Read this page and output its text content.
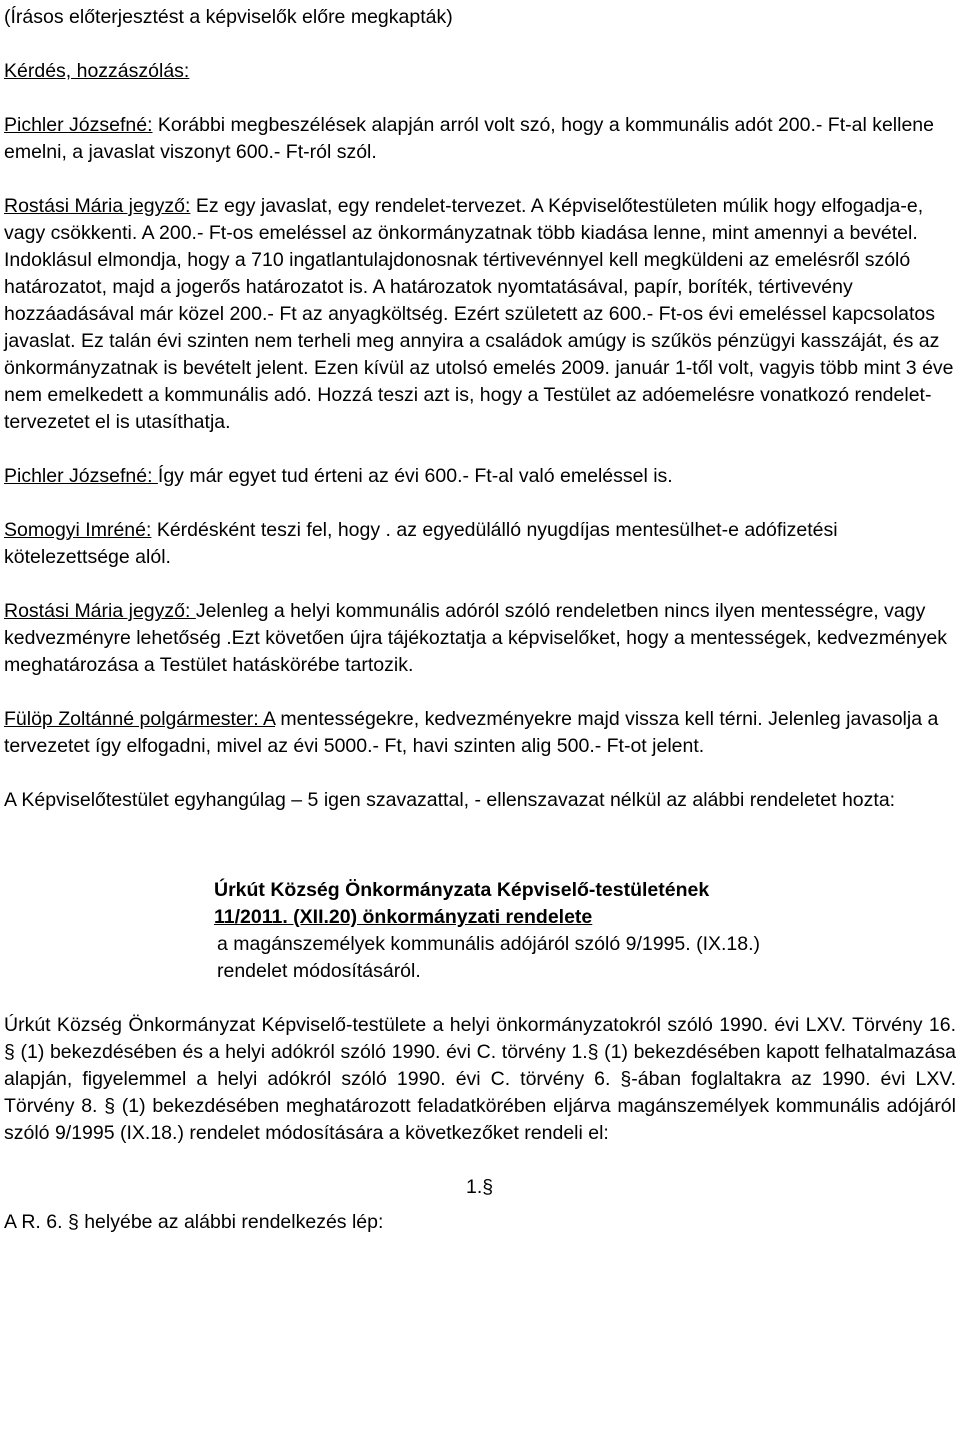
(Írásos előterjesztést a képviselők előre megkapták)

Kérdés, hozzászólás:

Pichler Józsefné: Korábbi megbeszélések alapján arról volt szó, hogy a kommunális adót 200.- Ft-al kellene emelni, a javaslat viszonyt 600.- Ft-ról szól.

Rostási Mária jegyző: Ez egy javaslat, egy rendelet-tervezet. A Képviselőtestületen múlik hogy elfogadja-e, vagy csökkenti. A 200.- Ft-os emeléssel az önkormányzatnak több kiadása lenne, mint amennyi a bevétel. Indoklásul elmondja, hogy a 710 ingatlantulajdonosnak tértivevénnyel kell megküldeni az emelésről szóló határozatot, majd a jogerős határozatot is. A határozatok nyomtatásával, papír, boríték, tértivevény hozzáadásával már közel 200.- Ft az anyagköltség. Ezért született az 600.- Ft-os évi emeléssel kapcsolatos javaslat. Ez talán évi szinten nem terheli meg annyira a családok amúgy is szűkös pénzügyi kasszáját, és az önkormányzatnak is bevételt jelent. Ezen kívül az utolsó emelés 2009. január 1-től volt, vagyis több mint 3 éve nem emelkedett a kommunális adó. Hozzá teszi azt is, hogy a Testület az adóemelésre vonatkozó rendelet-tervezetet el is utasíthatja.

Pichler Józsefné: Így már egyet tud érteni az évi 600.- Ft-al való emeléssel is.

Somogyi Imréné: Kérdésként teszi fel, hogy . az egyedülálló nyugdíjas mentesülhet-e adófizetési kötelezettsége alól.

Rostási Mária jegyző: Jelenleg a helyi kommunális adóról szóló rendeletben nincs ilyen mentességre, vagy kedvezményre lehetőség .Ezt követően újra tájékoztatja a képviselőket, hogy a mentességek, kedvezmények meghatározása a Testület hatáskörébe tartozik.

Fülöp Zoltánné polgármester: A mentességekre, kedvezményekre majd vissza kell térni. Jelenleg javasolja a tervezetet így elfogadni, mivel az évi 5000.- Ft, havi szinten alig 500.- Ft-ot jelent.

A Képviselőtestület egyhangúlag – 5 igen szavazattal, - ellenszavazat nélkül az alábbi rendeletet hozta:

Úrkút Község Önkormányzata Képviselő-testületének

11/2011. (XII.20) önkormányzati rendelete

a magánszemélyek kommunális adójáról szóló 9/1995. (IX.18.)

rendelet módosításáról.

Úrkút Község Önkormányzat Képviselő-testülete a helyi önkormányzatokról szóló 1990. évi LXV. Törvény 16. § (1) bekezdésében és a helyi adókról szóló 1990. évi C. törvény 1.§ (1) bekezdésében kapott felhatalmazása alapján, figyelemmel a helyi adókról szóló 1990. évi C. törvény 6. §-ában foglaltakra az 1990. évi LXV. Törvény 8. § (1) bekezdésében meghatározott feladatkörében eljárva magánszemélyek kommunális adójáról szóló 9/1995 (IX.18.) rendelet módosítására a következőket rendeli el:

1.§

A R. 6. § helyébe az alábbi rendelkezés lép:
